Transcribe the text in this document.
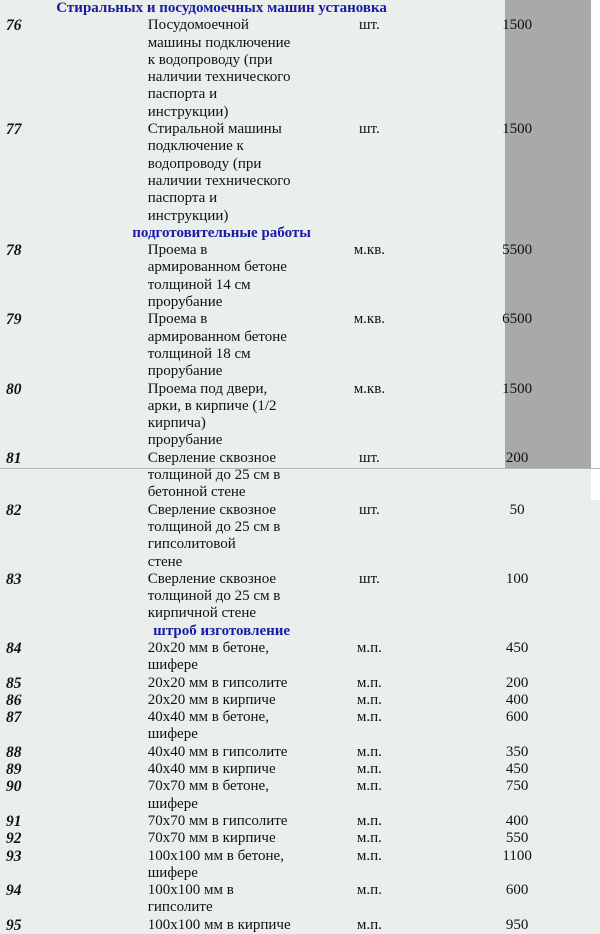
Стиральных и посудомоечных машин установка			
76	Посудомоечной машины подключение к водопроводу (при
наличии технического паспорта и инструкции)	шт.	1500
77	Стиральной машины подключение к водопроводу (при
наличии технического паспорта и инструкции)	шт.	1500
подготовительные работы			
78	Проема в армированном бетоне толщиной 14 см прорубание	м.кв.	5500
79	Проема в армированном бетоне толщиной 18 см прорубание	м.кв.	6500
80	Проема под двери, арки, в кирпиче (1/2 кирпича)
прорубание	м.кв.	1500
81	Сверление сквозное толщиной до 25 см в бетонной стене	шт.	200
82	Сверление сквозное толщиной до 25 см в гипсолитовой
стене	шт.	50
83	Сверление сквозное толщиной до 25 см в кирпичной стене	шт.	100
штроб изготовление			
84	20х20 мм в бетоне, шифере	м.п.	450
85	20х20 мм в гипсолите	м.п.	200
86	20х20 мм в кирпиче	м.п.	400
87	40х40 мм в бетоне, шифере	м.п.	600
88	40х40 мм в гипсолите	м.п.	350
89	40х40 мм в кирпиче	м.п.	450
90	70х70 мм в бетоне, шифере	м.п.	750
91	70х70 мм в гипсолите	м.п.	400
92	70х70 мм в кирпиче	м.п.	550
93	100х100 мм в бетоне, шифере	м.п.	1100
94	100х100 мм в гипсолите	м.п.	600
95	100х100 мм в кирпиче	м.п.	950
